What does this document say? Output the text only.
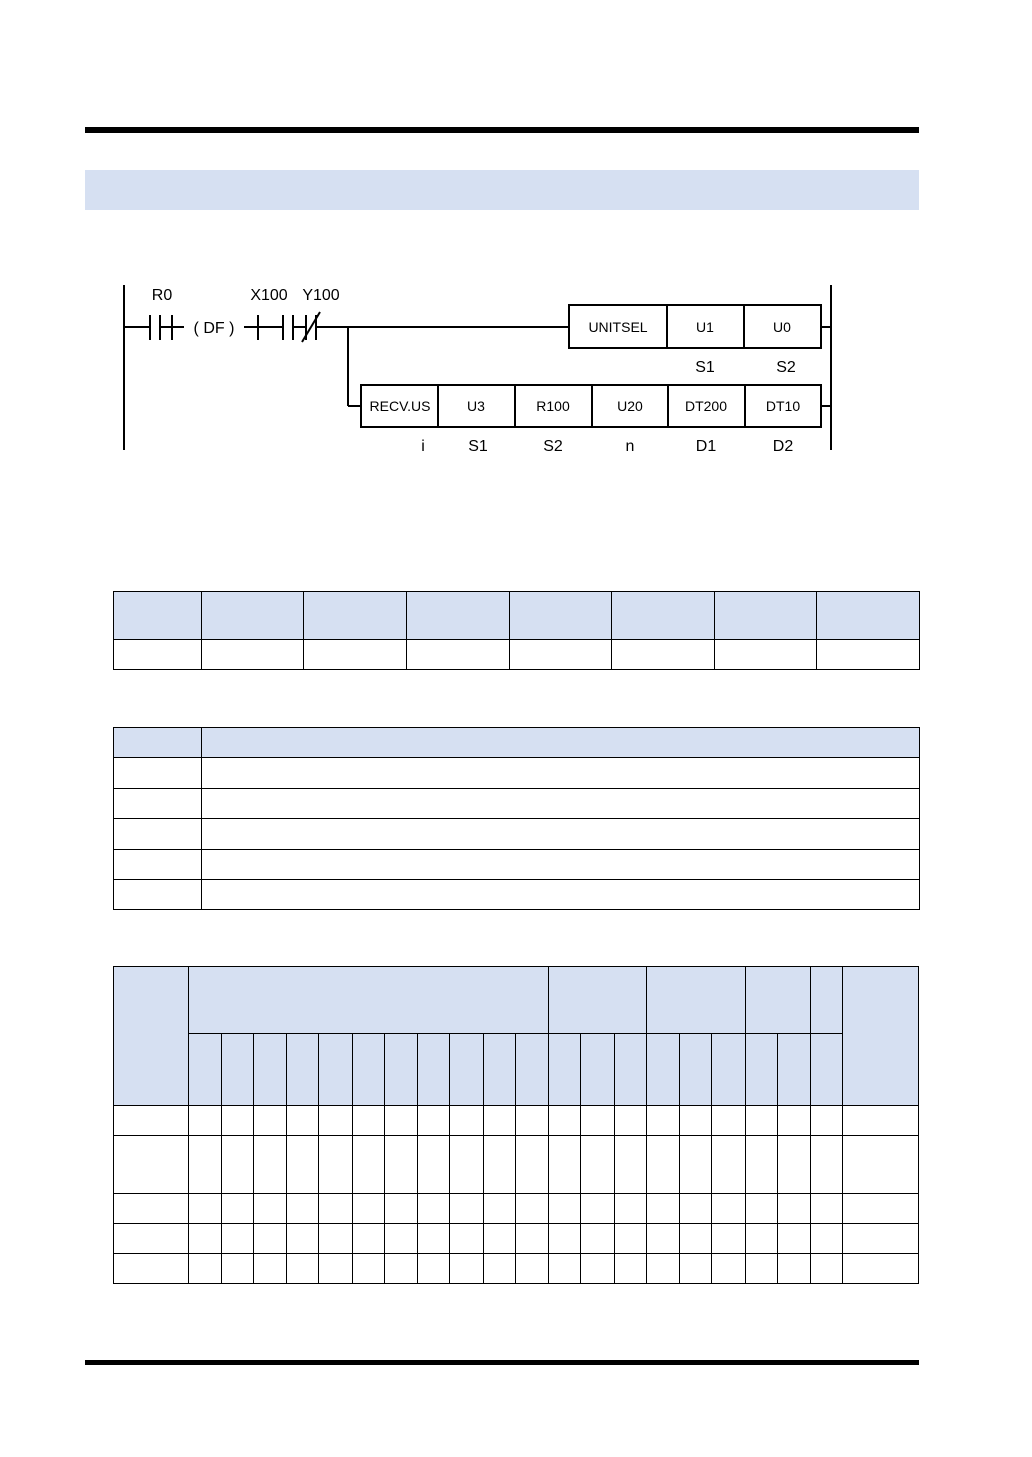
( DF )
R0	X100 Y100
UNITSEL	U1	U0
S1	S2
RECV.US	U3	R100	U20	DT200	DT10
i	S1	S2	n	D1	D2
